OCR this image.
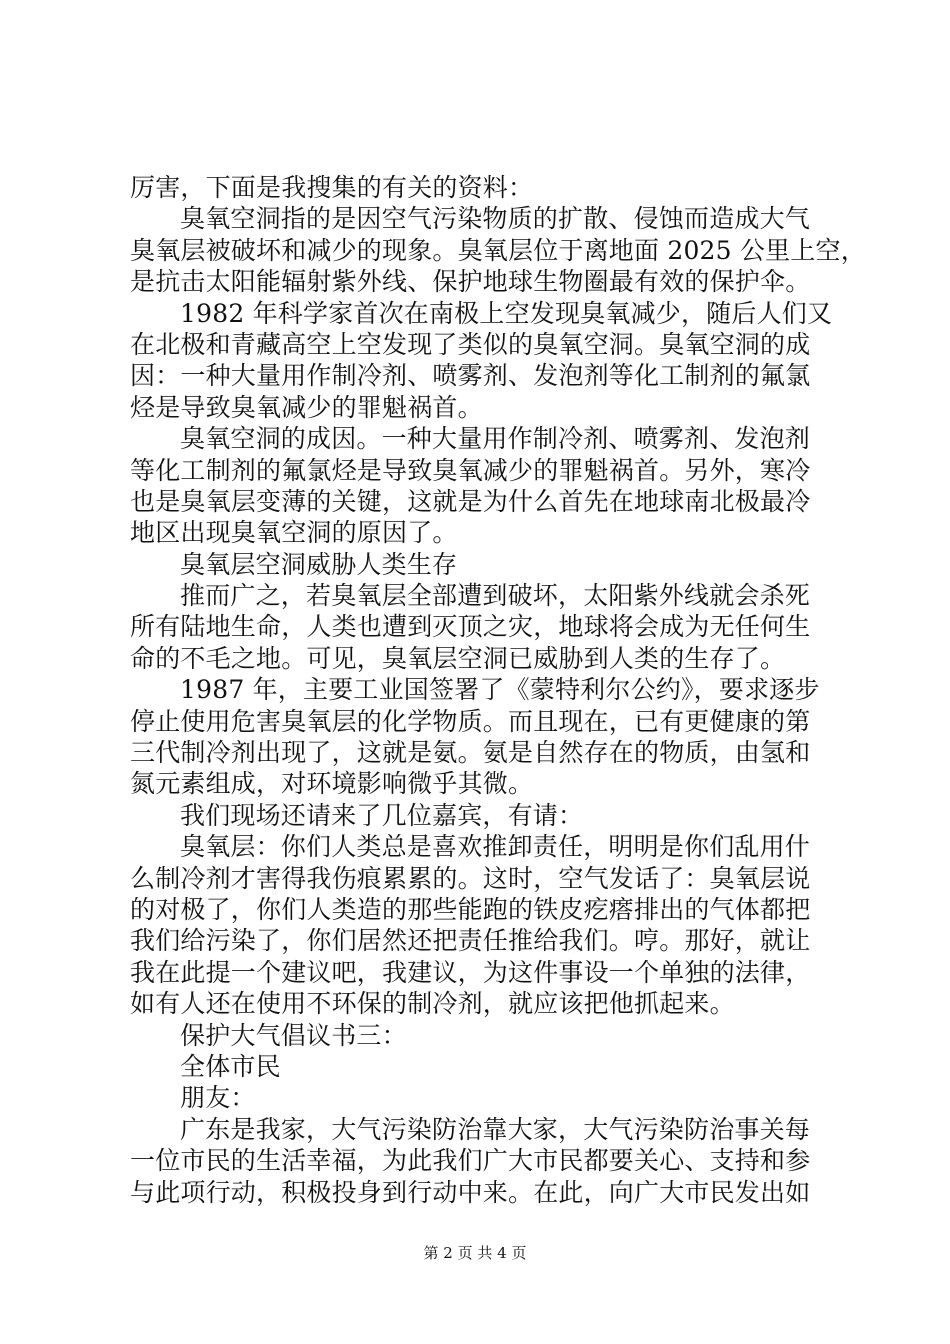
厉害，下面是我搜集的有关的资料：
臭氧空洞指的是因空气污染物质的扩散、侵蚀而造成大气
臭氧层被破坏和减少的现象。臭氧层位于离地面 2025 公里上空，
是抗击太阳能辐射紫外线、保护地球生物圈最有效的保护伞。
1982 年科学家首次在南极上空发现臭氧减少，随后人们又
在北极和青藏高空上空发现了类似的臭氧空洞。臭氧空洞的成
因：一种大量用作制冷剂、喷雾剂、发泡剂等化工制剂的氟氯
烃是导致臭氧减少的罪魁祸首。
臭氧空洞的成因。一种大量用作制冷剂、喷雾剂、发泡剂
等化工制剂的氟氯烃是导致臭氧减少的罪魁祸首。另外，寒冷
也是臭氧层变薄的关键，这就是为什么首先在地球南北极最冷
地区出现臭氧空洞的原因了。
臭氧层空洞威胁人类生存
推而广之，若臭氧层全部遭到破坏，太阳紫外线就会杀死
所有陆地生命，人类也遭到灭顶之灾，地球将会成为无任何生
命的不毛之地。可见，臭氧层空洞已威胁到人类的生存了。
1987 年，主要工业国签署了《蒙特利尔公约》，要求逐步
停止使用危害臭氧层的化学物质。而且现在，已有更健康的第
三代制冷剂出现了，这就是氨。氨是自然存在的物质，由氢和
氮元素组成，对环境影响微乎其微。
我们现场还请来了几位嘉宾，有请：
臭氧层：你们人类总是喜欢推卸责任，明明是你们乱用什
么制冷剂才害得我伤痕累累的。这时，空气发话了：臭氧层说
的对极了，你们人类造的那些能跑的铁皮疙瘩排出的气体都把
我们给污染了，你们居然还把责任推给我们。哼。那好，就让
我在此提一个建议吧，我建议，为这件事设一个单独的法律，
如有人还在使用不环保的制冷剂，就应该把他抓起来。
保护大气倡议书三：
全体市民
朋友：
广东是我家，大气污染防治靠大家，大气污染防治事关每
一位市民的生活幸福，为此我们广大市民都要关心、支持和参
与此项行动，积极投身到行动中来。在此，向广大市民发出如
第 2 页 共 4 页
